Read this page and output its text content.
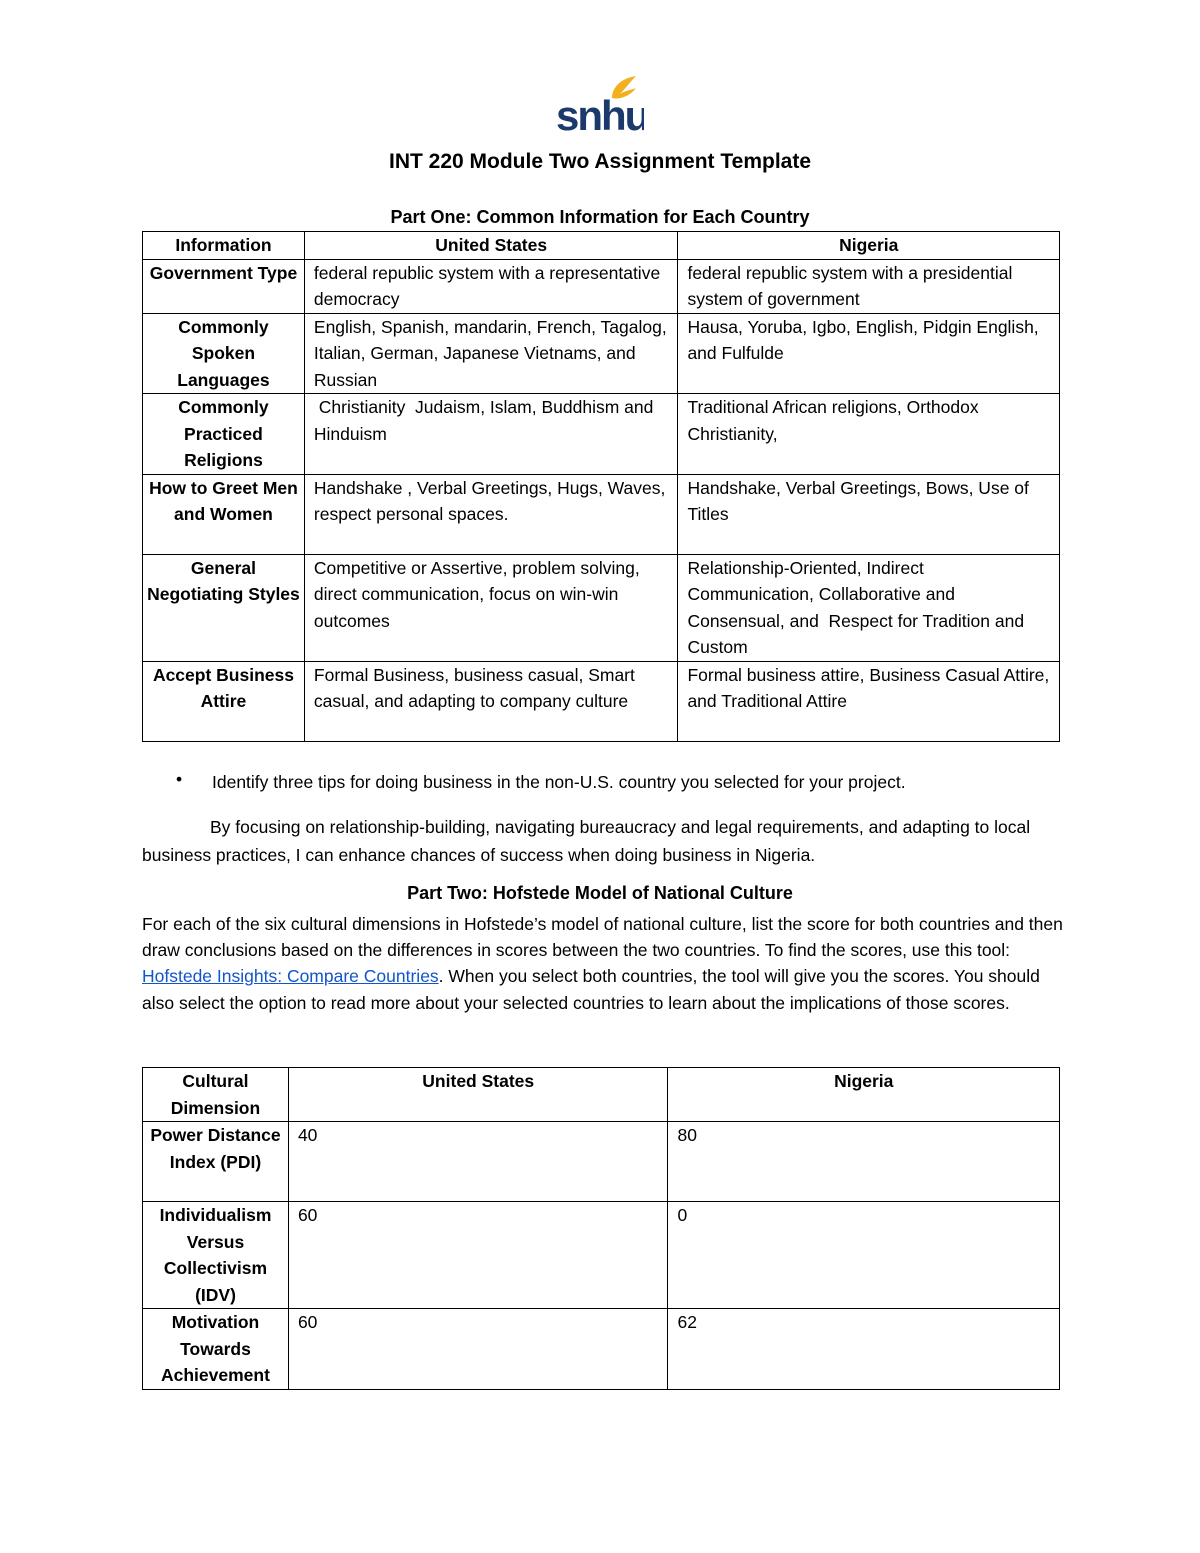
snhu
INT 220 Module Two Assignment Template
Part One: Common Information for Each Country
Information	United States	Nigeria
Government Type	federal republic system with a representative democracy	federal republic system with a presidential system of government
Commonly Spoken Languages	English, Spanish, mandarin, French, Tagalog, Italian, German, Japanese Vietnams, and Russian	Hausa, Yoruba, Igbo, English, Pidgin English, and Fulfulde
Commonly Practiced Religions	Christianity  Judaism, Islam, Buddhism and Hinduism	Traditional African religions, Orthodox Christianity,
How to Greet Men and Women	Handshake , Verbal Greetings, Hugs, Waves, respect personal spaces.	Handshake, Verbal Greetings, Bows, Use of Titles
General Negotiating Styles	Competitive or Assertive, problem solving, direct communication, focus on win-win outcomes	Relationship-Oriented, Indirect Communication, Collaborative and Consensual, and  Respect for Tradition and Custom
Accept Business Attire	Formal Business, business casual, Smart casual, and adapting to company culture	Formal business attire, Business Casual Attire, and Traditional Attire
• Identify three tips for doing business in the non-U.S. country you selected for your project.
By focusing on relationship-building, navigating bureaucracy and legal requirements, and adapting to local business practices, I can enhance chances of success when doing business in Nigeria.
Part Two: Hofstede Model of National Culture
For each of the six cultural dimensions in Hofstede’s model of national culture, list the score for both countries and then draw conclusions based on the differences in scores between the two countries. To find the scores, use this tool: Hofstede Insights: Compare Countries. When you select both countries, the tool will give you the scores. You should also select the option to read more about your selected countries to learn about the implications of those scores.
Cultural Dimension	United States	Nigeria
Power Distance Index (PDI)	40	80
Individualism Versus Collectivism (IDV)	60	0
Motivation Towards Achievement	60	62
